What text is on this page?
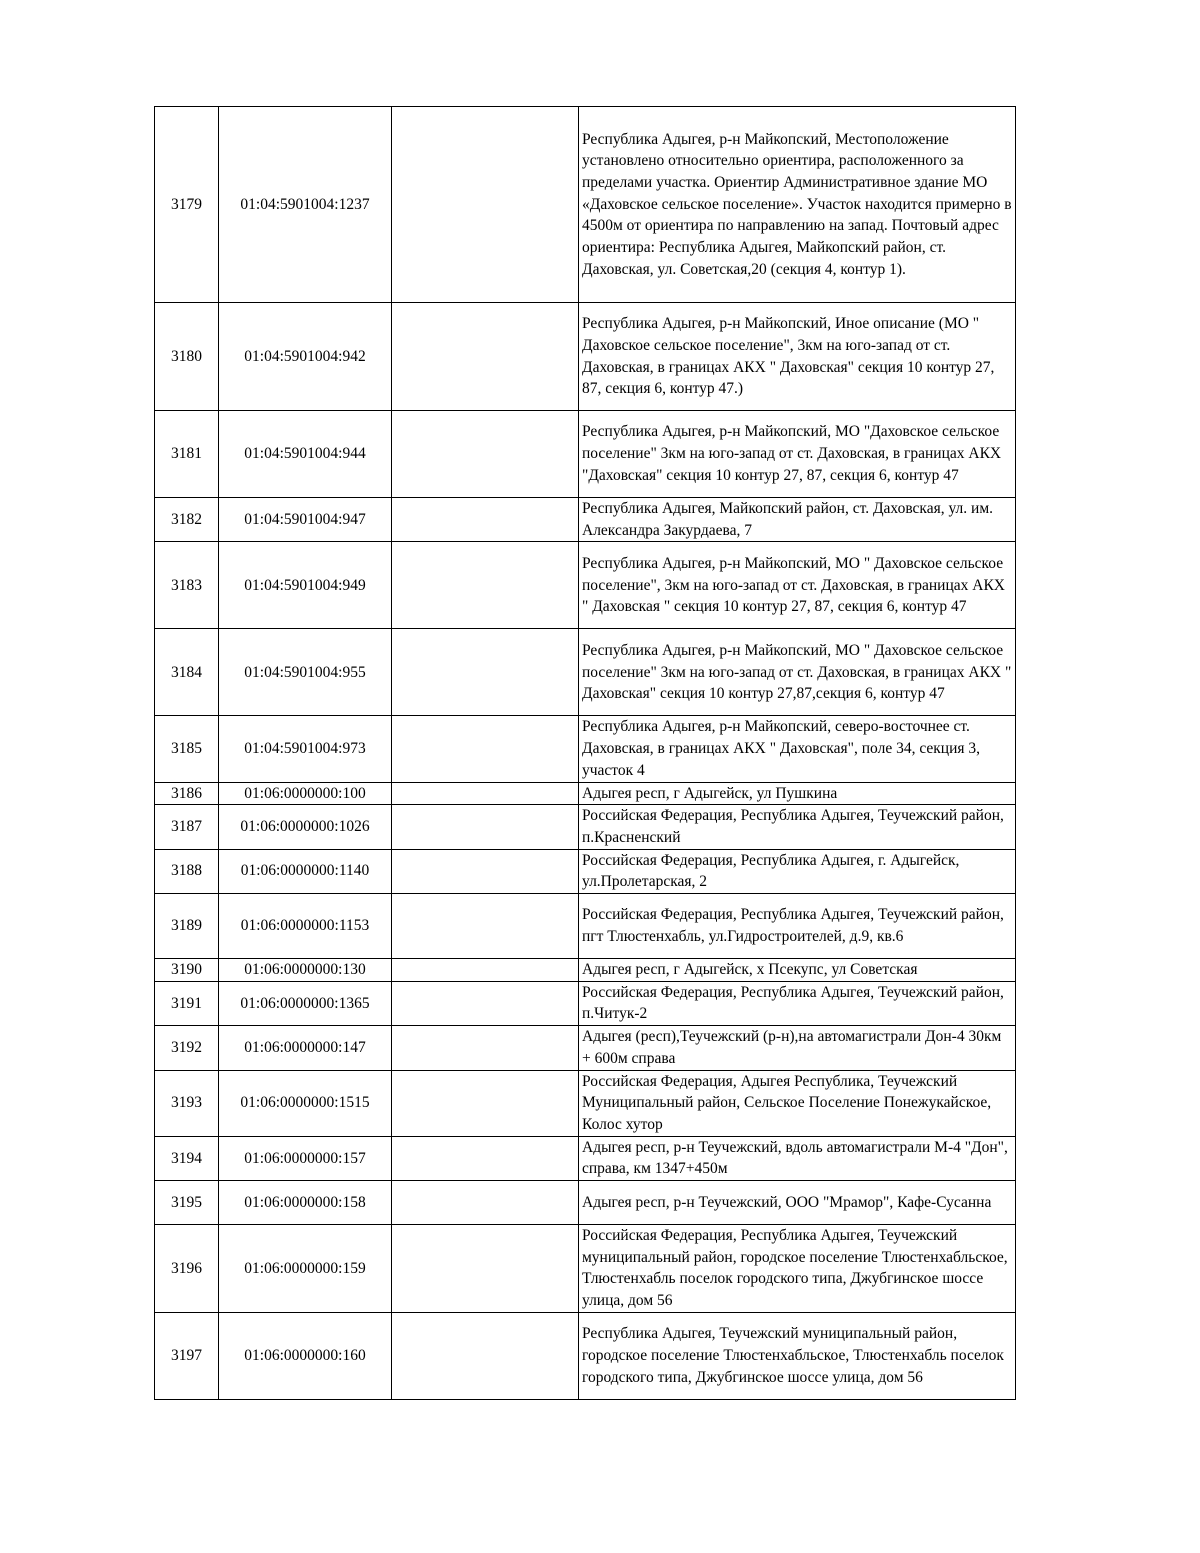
3179	01:04:5901004:1237		Республика Адыгея, р-н Майкопский, Местоположение установлено относительно ориентира, расположенного за пределами участка. Ориентир Административное здание МО «Даховское сельское поселение». Участок находится примерно в 4500м от ориентира по направлению на запад. Почтовый адрес ориентира: Республика Адыгея, Майкопский район, ст. Даховская, ул. Советская,20 (секция 4, контур 1).
3180	01:04:5901004:942		Республика Адыгея, р-н Майкопский, Иное описание (МО " Даховское сельское поселение", 3км на юго-запад от ст. Даховская, в границах АКХ " Даховская" секция 10 контур 27, 87, секция 6, контур 47.)
3181	01:04:5901004:944		Республика Адыгея, р-н Майкопский, МО "Даховское сельское поселение" 3км на юго-запад от ст. Даховская, в границах АКХ "Даховская" секция 10 контур 27, 87, секция 6, контур 47
3182	01:04:5901004:947		Республика Адыгея, Майкопский район, ст. Даховская, ул. им. Александра Закурдаева, 7
3183	01:04:5901004:949		Республика Адыгея, р-н Майкопский, МО " Даховское сельское поселение", 3км на юго-запад от ст. Даховская, в границах АКХ " Даховская " секция 10 контур 27, 87, секция 6, контур 47
3184	01:04:5901004:955		Республика Адыгея, р-н Майкопский, МО " Даховское сельское поселение" 3км на юго-запад от ст. Даховская, в границах АКХ " Даховская" секция 10 контур 27,87,секция 6, контур 47
3185	01:04:5901004:973		Республика Адыгея, р-н Майкопский, северо-восточнее ст. Даховская, в границах АКХ " Даховская", поле 34, секция 3, участок 4
3186	01:06:0000000:100		Адыгея респ, г Адыгейск, ул Пушкина
3187	01:06:0000000:1026		Российская Федерация, Республика Адыгея, Теучежский район, п.Красненский
3188	01:06:0000000:1140		Российская Федерация, Республика Адыгея, г. Адыгейск, ул.Пролетарская, 2
3189	01:06:0000000:1153		Российская Федерация, Республика Адыгея, Теучежский район, пгт Тлюстенхабль, ул.Гидростроителей, д.9, кв.6
3190	01:06:0000000:130		Адыгея респ, г Адыгейск, х Псекупс, ул Советская
3191	01:06:0000000:1365		Российская Федерация, Республика Адыгея, Теучежский район, п.Читук-2
3192	01:06:0000000:147		Адыгея (респ),Теучежский (р-н),на автомагистрали Дон-4 30км + 600м справа
3193	01:06:0000000:1515		Российская Федерация, Адыгея Республика, Теучежский Муниципальный район, Сельское Поселение Понежукайское, Колос хутор
3194	01:06:0000000:157		Адыгея респ, р-н Теучежский, вдоль автомагистрали М-4 "Дон", справа, км 1347+450м
3195	01:06:0000000:158		Адыгея респ, р-н Теучежский, ООО "Мрамор", Кафе-Сусанна
3196	01:06:0000000:159		Российская Федерация, Республика Адыгея, Теучежский муниципальный район, городское поселение Тлюстенхабльское, Тлюстенхабль поселок городского типа, Джубгинское шоссе улица, дом 56
3197	01:06:0000000:160		Республика Адыгея, Теучежский муниципальный район, городское поселение Тлюстенхабльское, Тлюстенхабль поселок городского типа, Джубгинское шоссе улица, дом 56
